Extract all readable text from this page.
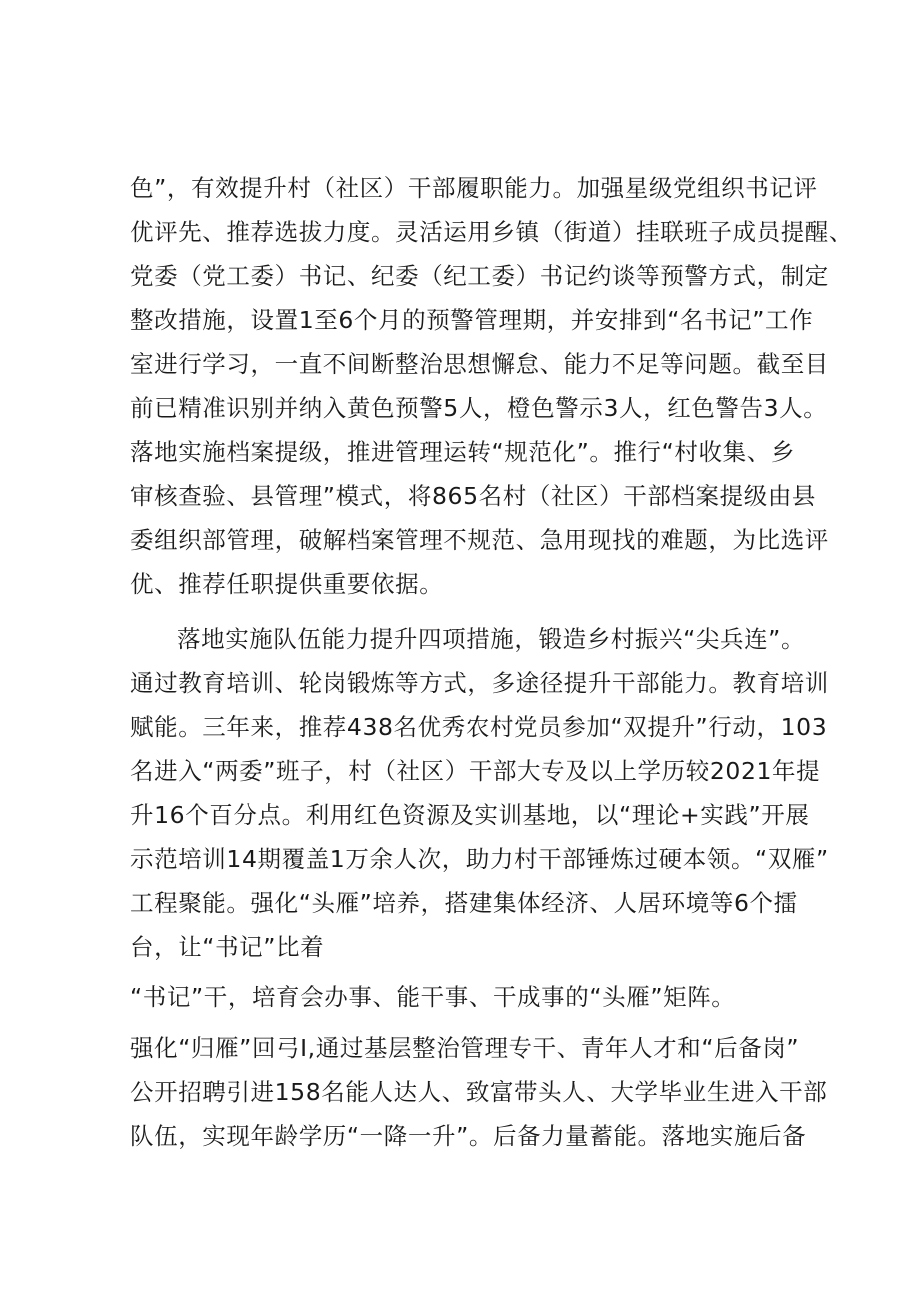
色”，有效提升村（社区）干部履职能力。加强星级党组织书记评
优评先、推荐选拔力度。灵活运用乡镇（街道）挂联班子成员提醒、
党委（党工委）书记、纪委（纪工委）书记约谈等预警方式，制定
整改措施，设置1至6个月的预警管理期，并安排到“名书记”工作
室进行学习，一直不间断整治思想懈怠、能力不足等问题。截至目
前已精准识别并纳入黄色预警5人，橙色警示3人，红色警告3人。
落地实施档案提级，推进管理运转“规范化”。推行“村收集、乡
审核查验、县管理”模式，将865名村（社区）干部档案提级由县
委组织部管理，破解档案管理不规范、急用现找的难题，为比选评
优、推荐任职提供重要依据。
落地实施队伍能力提升四项措施，锻造乡村振兴“尖兵连”。
通过教育培训、轮岗锻炼等方式，多途径提升干部能力。教育培训
赋能。三年来，推荐438名优秀农村党员参加“双提升”行动，103
名进入“两委”班子，村（社区）干部大专及以上学历较2021年提
升16个百分点。利用红色资源及实训基地，以“理论+实践”开展
示范培训14期覆盖1万余人次，助力村干部锤炼过硬本领。“双雁”
工程聚能。强化“头雁”培养，搭建集体经济、人居环境等6个擂
台，让“书记”比着
“书记”干，培育会办事、能干事、干成事的“头雁”矩阵。
强化“归雁”回弓I,通过基层整治管理专干、青年人才和“后备岗”
公开招聘引进158名能人达人、致富带头人、大学毕业生进入干部
队伍，实现年龄学历“一降一升”。后备力量蓄能。落地实施后备
